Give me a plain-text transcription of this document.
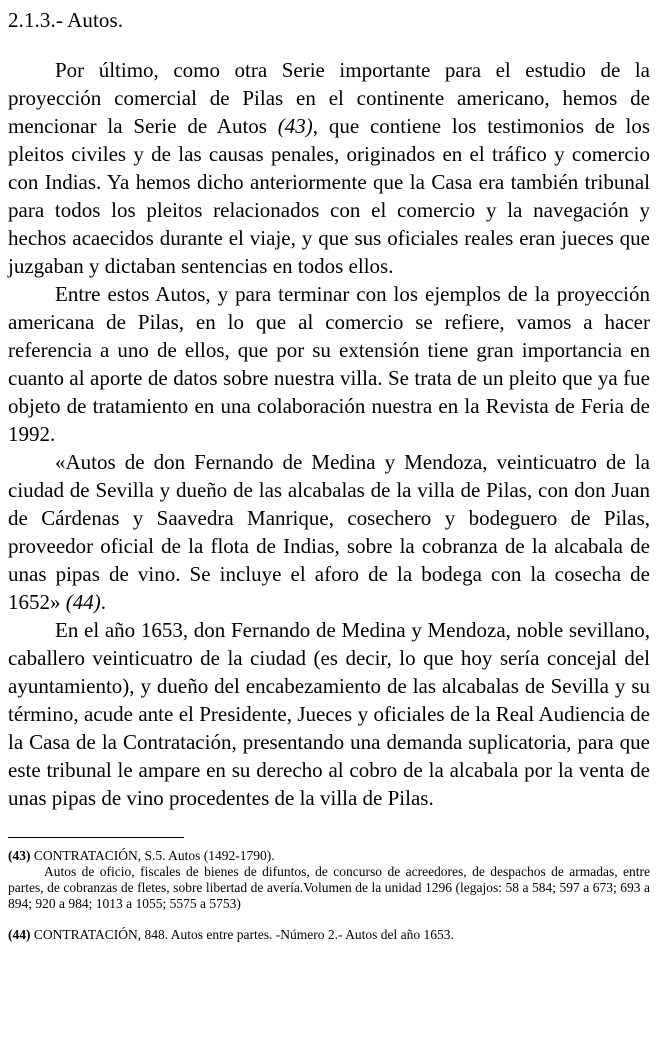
2.1.3.- Autos.

Por último, como otra Serie importante para el estudio de la proyección comercial de Pilas en el continente americano, hemos de mencionar la Serie de Autos (43), que contiene los testimonios de los pleitos civiles y de las causas penales, originados en el tráfico y comercio con Indias. Ya hemos dicho anteriormente que la Casa era también tribunal para todos los pleitos relacionados con el comercio y la navegación y hechos acaecidos durante el viaje, y que sus oficiales reales eran jueces que juzgaban y dictaban sentencias en todos ellos.

Entre estos Autos, y para terminar con los ejemplos de la proyección americana de Pilas, en lo que al comercio se refiere, vamos a hacer referencia a uno de ellos, que por su extensión tiene gran importancia en cuanto al aporte de datos sobre nuestra villa. Se trata de un pleito que ya fue objeto de tratamiento en una colaboración nuestra en la Revista de Feria de 1992.

«Autos de don Fernando de Medina y Mendoza, veinticuatro de la ciudad de Sevilla y dueño de las alcabalas de la villa de Pilas, con don Juan de Cárdenas y Saavedra Manrique, cosechero y bodeguero de Pilas, proveedor oficial de la flota de Indias, sobre la cobranza de la alcabala de unas pipas de vino. Se incluye el aforo de la bodega con la cosecha de 1652» (44).

En el año 1653, don Fernando de Medina y Mendoza, noble sevillano, caballero veinticuatro de la ciudad (es decir, lo que hoy sería concejal del ayuntamiento), y dueño del encabezamiento de las alcabalas de Sevilla y su término, acude ante el Presidente, Jueces y oficiales de la Real Audiencia de la Casa de la Contratación, presentando una demanda suplicatoria, para que este tribunal le ampare en su derecho al cobro de la alcabala por la venta de unas pipas de vino procedentes de la villa de Pilas.

(43) CONTRATACIÓN, S.5. Autos (1492-1790).

Autos de oficio, fiscales de bienes de difuntos, de concurso de acreedores, de despachos de armadas, entre partes, de cobranzas de fletes, sobre libertad de avería.Volumen de la unidad 1296 (legajos: 58 a 584; 597 a 673; 693 a 894; 920 a 984; 1013 a 1055; 5575 a 5753)

(44) CONTRATACIÓN, 848. Autos entre partes. -Número 2.- Autos del año 1653.
